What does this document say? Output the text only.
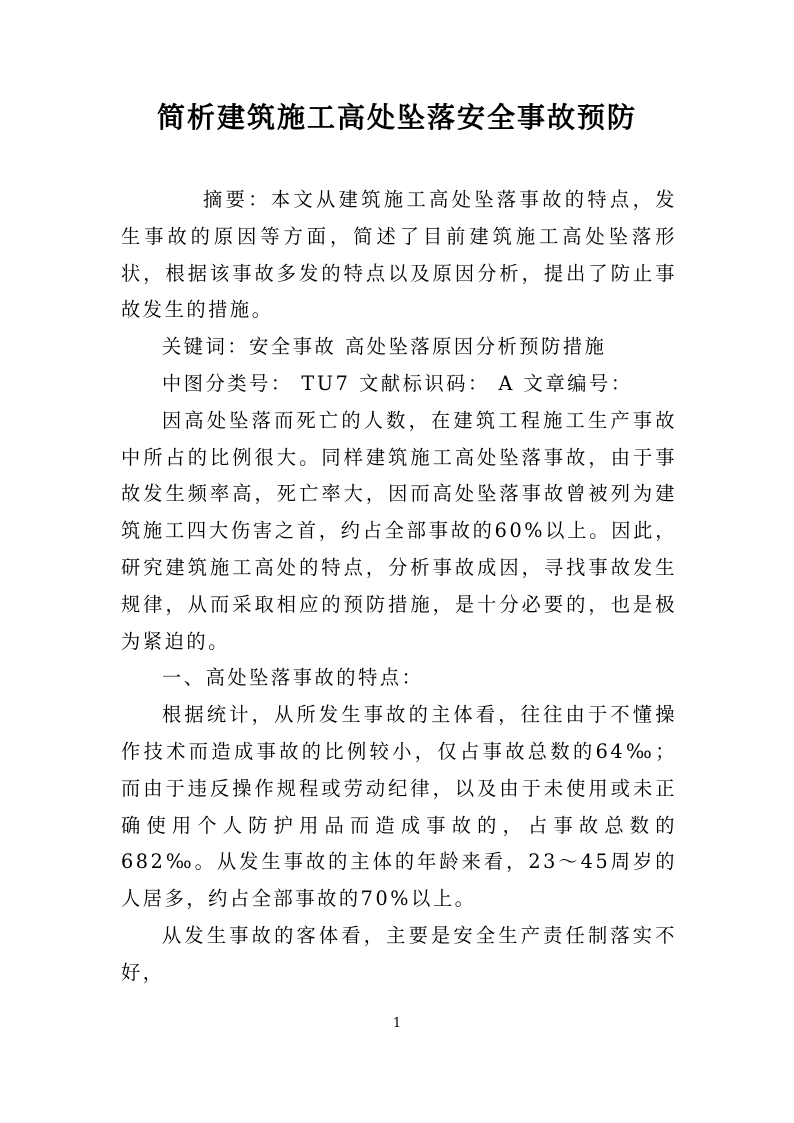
简析建筑施工高处坠落安全事故预防

摘要：本文从建筑施工高处坠落事故的特点，发生事故的原因等方面，简述了目前建筑施工高处坠落形状，根据该事故多发的特点以及原因分析，提出了防止事故发生的措施。

关键词：安全事故 高处坠落原因分析预防措施

中图分类号： TU7 文献标识码： A 文章编号：

因高处坠落而死亡的人数，在建筑工程施工生产事故中所占的比例很大。同样建筑施工高处坠落事故，由于事故发生频率高，死亡率大，因而高处坠落事故曾被列为建筑施工四大伤害之首，约占全部事故的60%以上。因此，研究建筑施工高处的特点，分析事故成因，寻找事故发生规律，从而采取相应的预防措施，是十分必要的，也是极为紧迫的。

一、高处坠落事故的特点：

根据统计，从所发生事故的主体看，往往由于不懂操作技术而造成事故的比例较小，仅占事故总数的64‰；而由于违反操作规程或劳动纪律，以及由于未使用或未正确使用个人防护用品而造成事故的，占事故总数的682‰。从发生事故的主体的年龄来看，23～45周岁的人居多，约占全部事故的70%以上。

从发生事故的客体看，主要是安全生产责任制落实不好，

1
